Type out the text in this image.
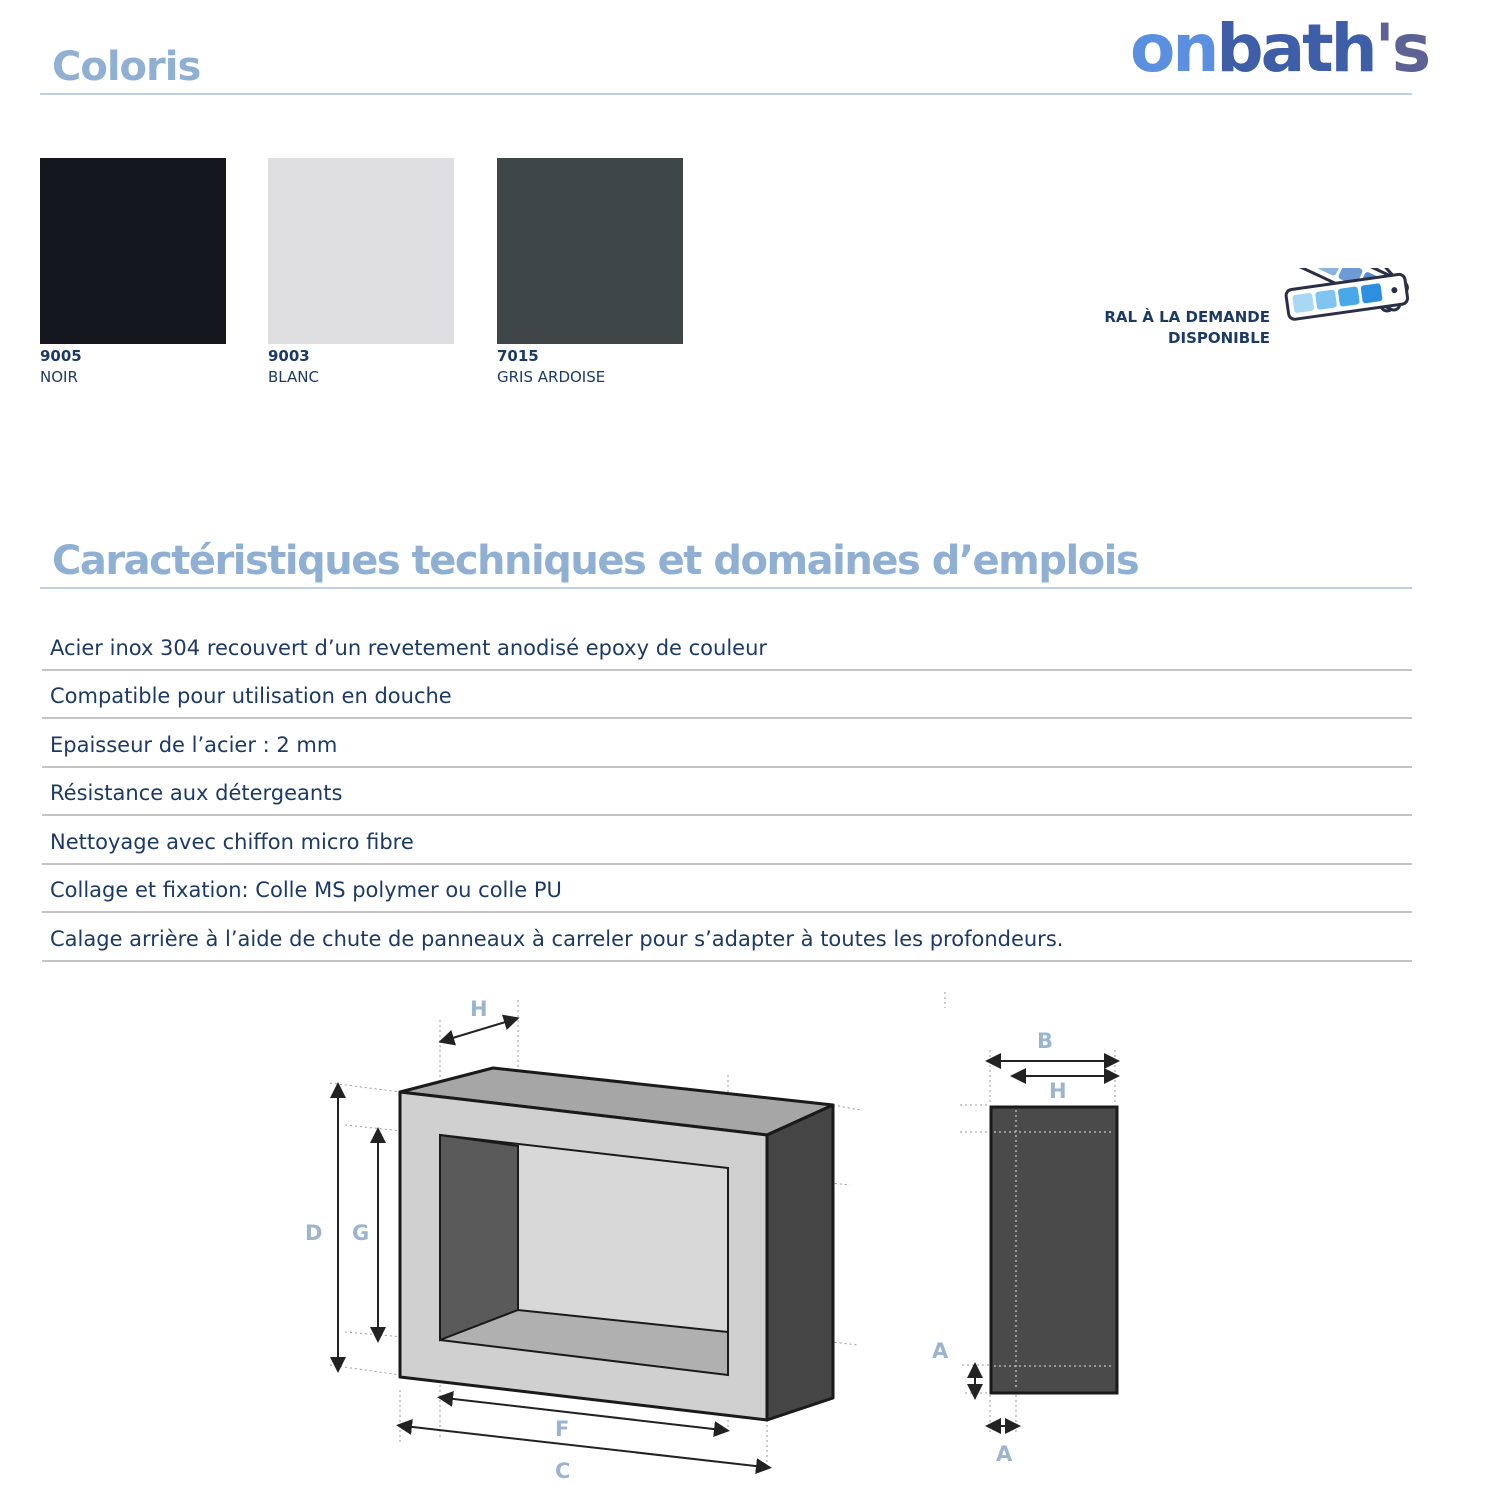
Coloris	onbath's
9005
NOIR
9003
BLANC
7015
GRIS ARDOISE
RAL À LA DEMANDE
DISPONIBLE
Caractéristiques techniques et domaines d’emplois
Acier inox 304 recouvert d’un revetement anodisé epoxy de couleur
Compatible pour utilisation en douche
Epaisseur de l’acier : 2 mm
Résistance aux détergeants
Nettoyage avec chiffon micro fibre
Collage et fixation: Colle MS polymer ou colle PU
Calage arrière à l’aide de chute de panneaux à carreler pour s’adapter à toutes les profondeurs.
H
D G
F
C
B
H
A
A
